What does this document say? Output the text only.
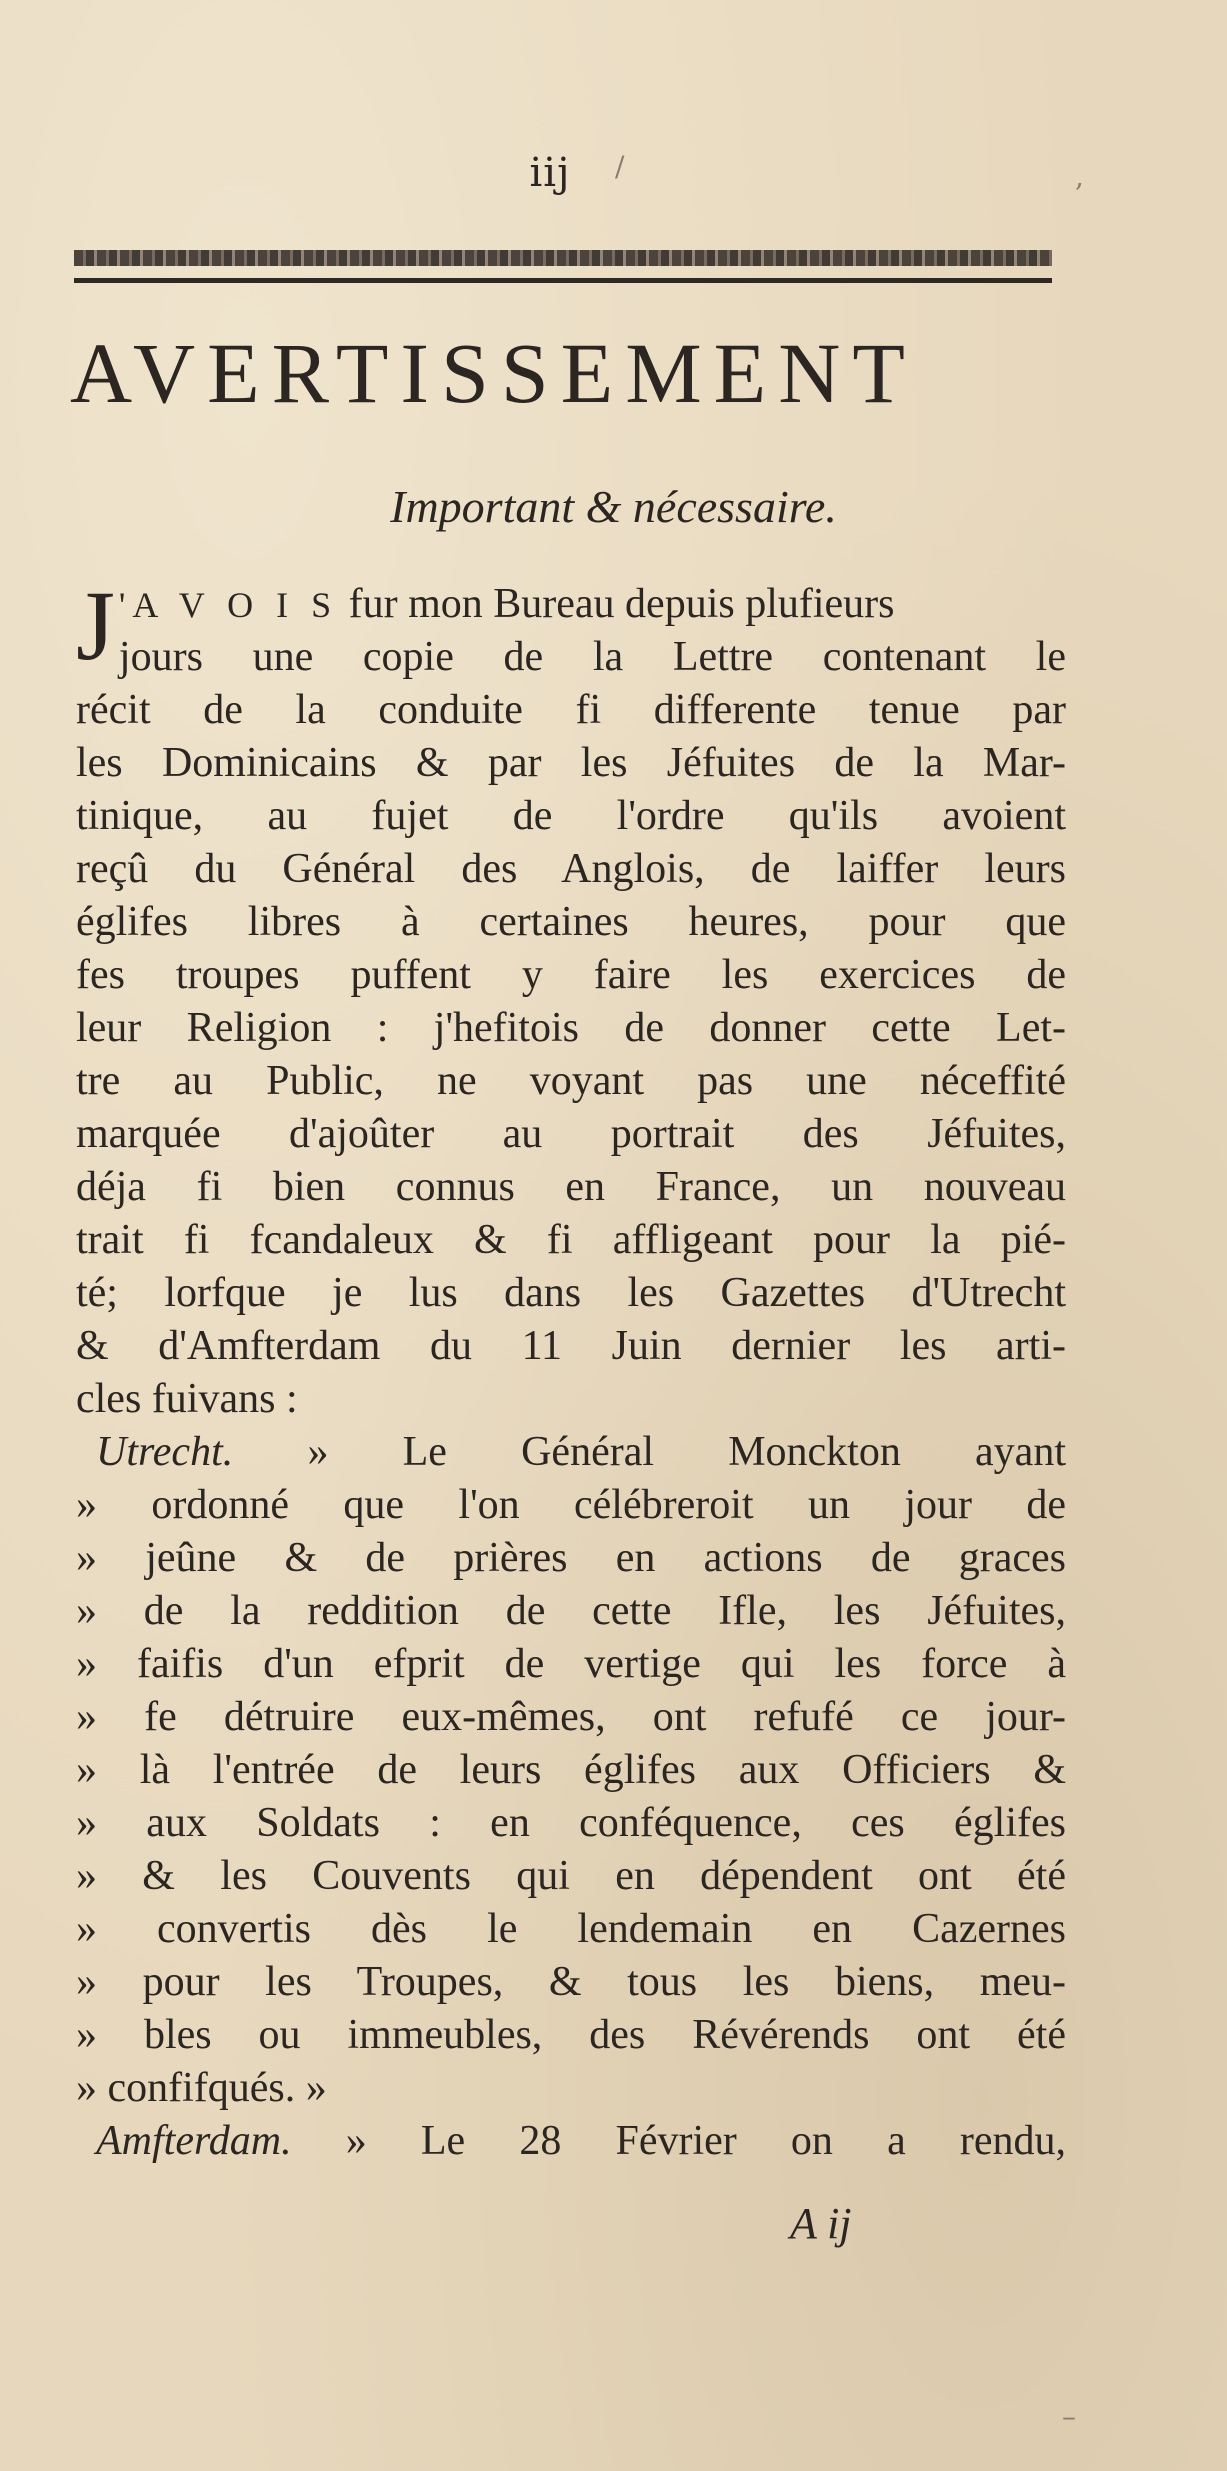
iij
AVERTISSEMENT
Important & nécessaire.
J 'A V O I S fur mon Bureau depuis plufieurs
jours une copie de la Lettre contenant le
récit de la conduite fi differente tenue par
les Dominicains & par les Jéfuites de la Mar-
tinique, au fujet de l'ordre qu'ils avoient
reçû du Général des Anglois, de laiffer leurs
églifes libres à certaines heures, pour que
fes troupes puffent y faire les exercices de
leur Religion : j'hefitois de donner cette Let-
tre au Public, ne voyant pas une néceffité
marquée d'ajoûter au portrait des Jéfuites,
déja fi bien connus en France, un nouveau
trait fi fcandaleux & fi affligeant pour la pié-
té; lorfque je lus dans les Gazettes d'Utrecht
& d'Amfterdam du 11 Juin dernier les arti-
cles fuivans :
Utrecht. » Le Général Monckton ayant
» ordonné que l'on célébreroit un jour de
» jeûne & de prières en actions de graces
» de la reddition de cette Ifle, les Jéfuites,
» faifis d'un efprit de vertige qui les force à
» fe détruire eux-mêmes, ont refufé ce jour-
» là l'entrée de leurs églifes aux Officiers &
» aux Soldats : en conféquence, ces églifes
» & les Couvents qui en dépendent ont été
» convertis dès le lendemain en Cazernes
» pour les Troupes, & tous les biens, meu-
» bles ou immeubles, des Révérends ont été
» confifqués. »
Amfterdam. » Le 28 Février on a rendu,
A ij
/	,
–
